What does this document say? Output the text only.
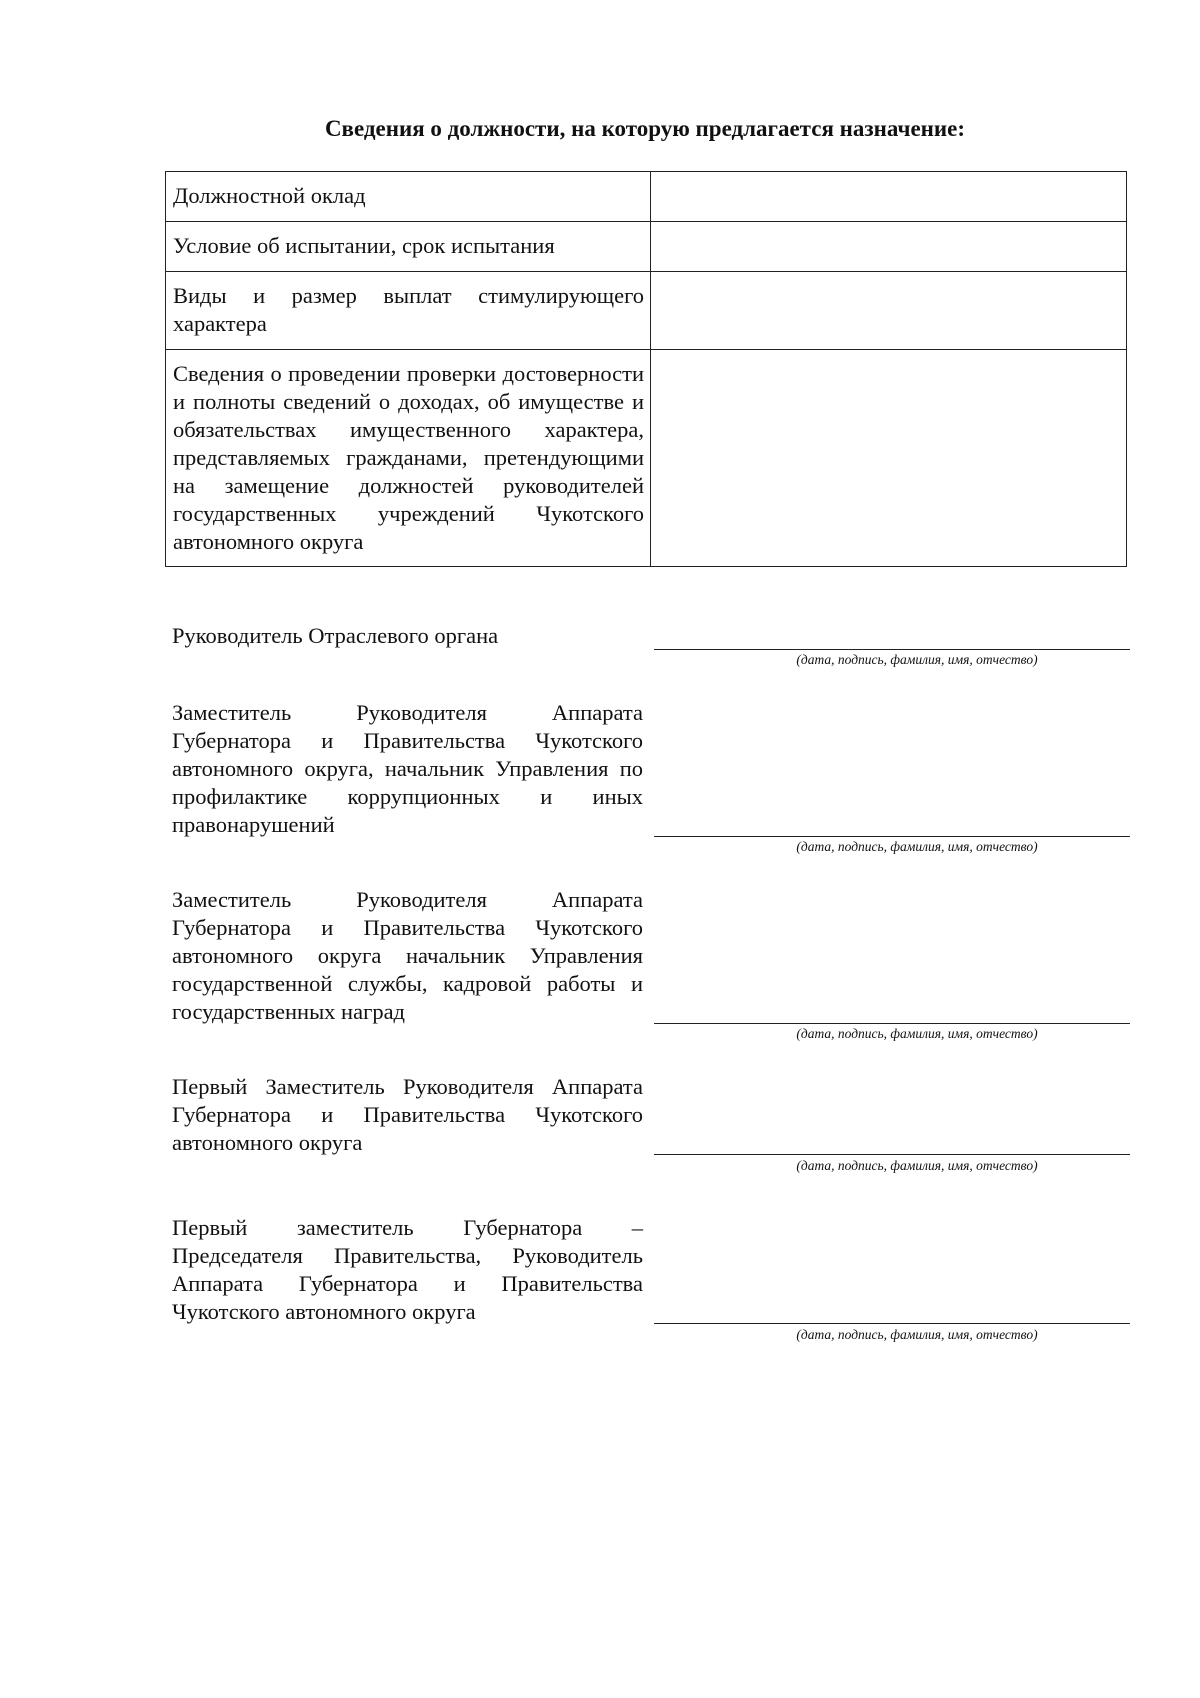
Сведения о должности, на которую предлагается назначение:
Должностной оклад	
Условие об испытании, срок испытания	
Виды и размер выплат стимулирующего характера	
Сведения о проведении проверки достоверности и полноты сведений о доходах, об имуществе и обязательствах имущественного характера, представляемых гражданами, претендующими на замещение должностей руководителей государственных учреждений Чукотского автономного округа	
Руководитель Отраслевого органа
(дата, подпись, фамилия, имя, отчество)
Заместитель Руководителя Аппарата Губернатора и Правительства Чукотского автономного округа, начальник Управления по профилактике коррупционных и иных правонарушений
(дата, подпись, фамилия, имя, отчество)
Заместитель Руководителя Аппарата Губернатора и Правительства Чукотского автономного округа начальник Управления государственной службы, кадровой работы и государственных наград
(дата, подпись, фамилия, имя, отчество)
Первый Заместитель Руководителя Аппарата Губернатора и Правительства Чукотского автономного округа
(дата, подпись, фамилия, имя, отчество)
Первый заместитель Губернатора – Председателя Правительства, Руководитель Аппарата Губернатора и Правительства Чукотского автономного округа
(дата, подпись, фамилия, имя, отчество)
